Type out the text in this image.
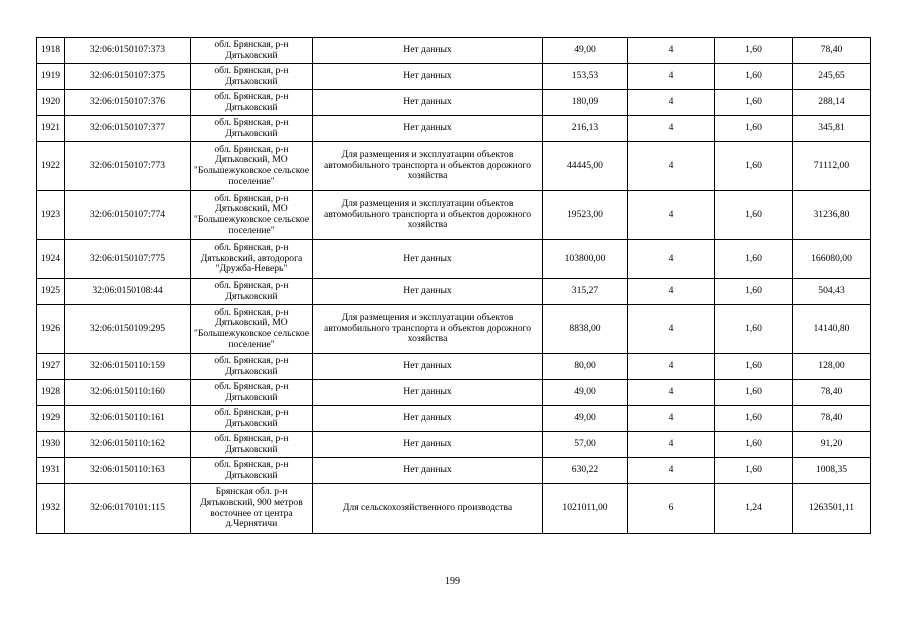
1918	32:06:0150107:373	обл. Брянская, р-н Дятьковский	Нет данных	49,00	4	1,60	78,40
1919	32:06:0150107:375	обл. Брянская, р-н Дятьковский	Нет данных	153,53	4	1,60	245,65
1920	32:06:0150107:376	обл. Брянская, р-н Дятьковский	Нет данных	180,09	4	1,60	288,14
1921	32:06:0150107:377	обл. Брянская, р-н Дятьковский	Нет данных	216,13	4	1,60	345,81
1922	32:06:0150107:773	обл. Брянская, р-н Дятьковский, МО "Большежуковское сельское поселение"	Для размещения и эксплуатации объектов автомобильного транспорта и объектов дорожного хозяйства	44445,00	4	1,60	71112,00
1923	32:06:0150107:774	обл. Брянская, р-н Дятьковский, МО "Большежуковское сельское поселение"	Для размещения и эксплуатации объектов автомобильного транспорта и объектов дорожного хозяйства	19523,00	4	1,60	31236,80
1924	32:06:0150107:775	обл. Брянская, р-н Дятьковский, автодорога "Дружба-Неверь"	Нет данных	103800,00	4	1,60	166080,00
1925	32:06:0150108:44	обл. Брянская, р-н Дятьковский	Нет данных	315,27	4	1,60	504,43
1926	32:06:0150109:295	обл. Брянская, р-н Дятьковский, МО "Большежуковское сельское поселение"	Для размещения и эксплуатации объектов автомобильного транспорта и объектов дорожного хозяйства	8838,00	4	1,60	14140,80
1927	32:06:0150110:159	обл. Брянская, р-н Дятьковский	Нет данных	80,00	4	1,60	128,00
1928	32:06:0150110:160	обл. Брянская, р-н Дятьковский	Нет данных	49,00	4	1,60	78,40
1929	32:06:0150110:161	обл. Брянская, р-н Дятьковский	Нет данных	49,00	4	1,60	78,40
1930	32:06:0150110:162	обл. Брянская, р-н Дятьковский	Нет данных	57,00	4	1,60	91,20
1931	32:06:0150110:163	обл. Брянская, р-н Дятьковский	Нет данных	630,22	4	1,60	1008,35
1932	32:06:0170101:115	Брянская обл. р-н Дятьковский, 900 метров восточнее от центра д.Чернятичи	Для сельскохозяйственного производства	1021011,00	6	1,24	1263501,11
199
